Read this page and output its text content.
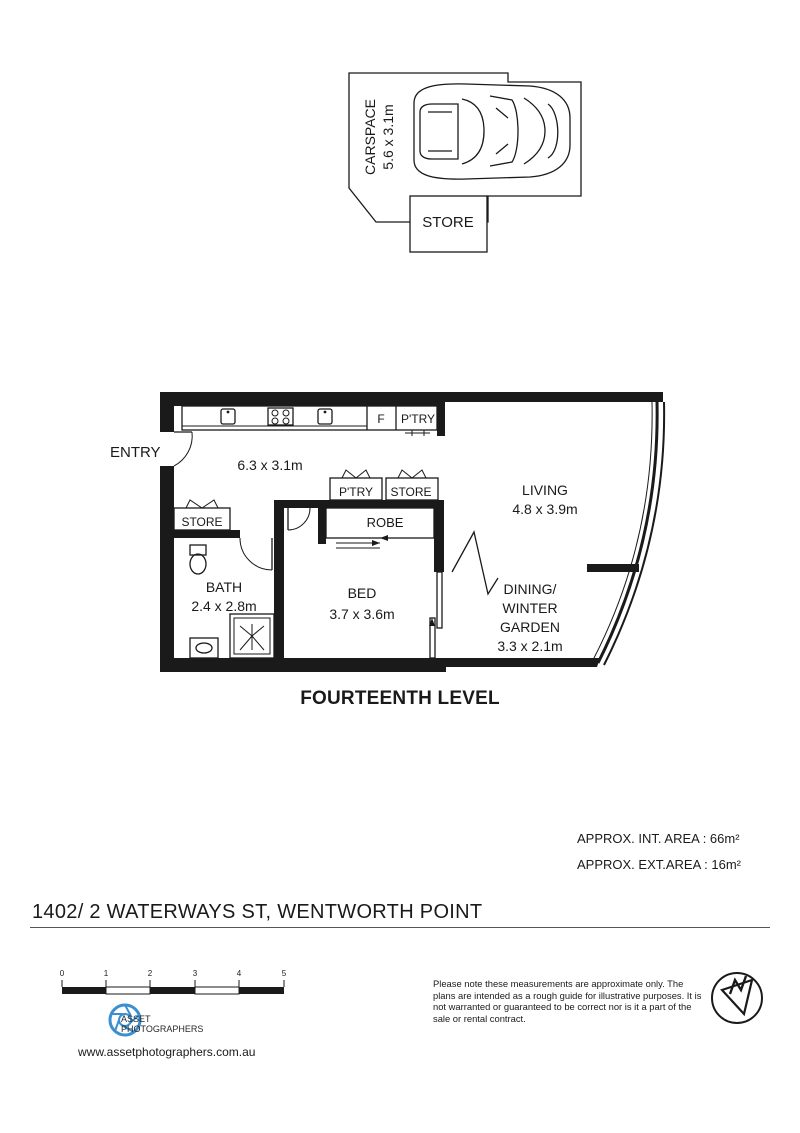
STORE
CARSPACE 5.6 x 3.1m
F P'TRY
ENTRY
6.3 x 3.1m
P'TRY STORE
ROBE
BED
3.7 x 3.6m
STORE
BATH
2.4 x 2.8m
LIVING
4.8 x 3.9m
DINING/
WINTER
GARDEN
3.3 x 2.1m
0	1	2	3	4	5
FOURTEENTH LEVEL
APPROX. INT. AREA : 66m²
APPROX. EXT.AREA : 16m²
1402/ 2 WATERWAYS ST, WENTWORTH POINT
ASSET
PHOTOGRAPHERS
www.assetphotographers.com.au
Please note these measurements are approximate only. The plans are intended as a rough guide for illustrative purposes. It is not warranted or guaranteed to be correct nor is it a part of the sale or rental contract.
